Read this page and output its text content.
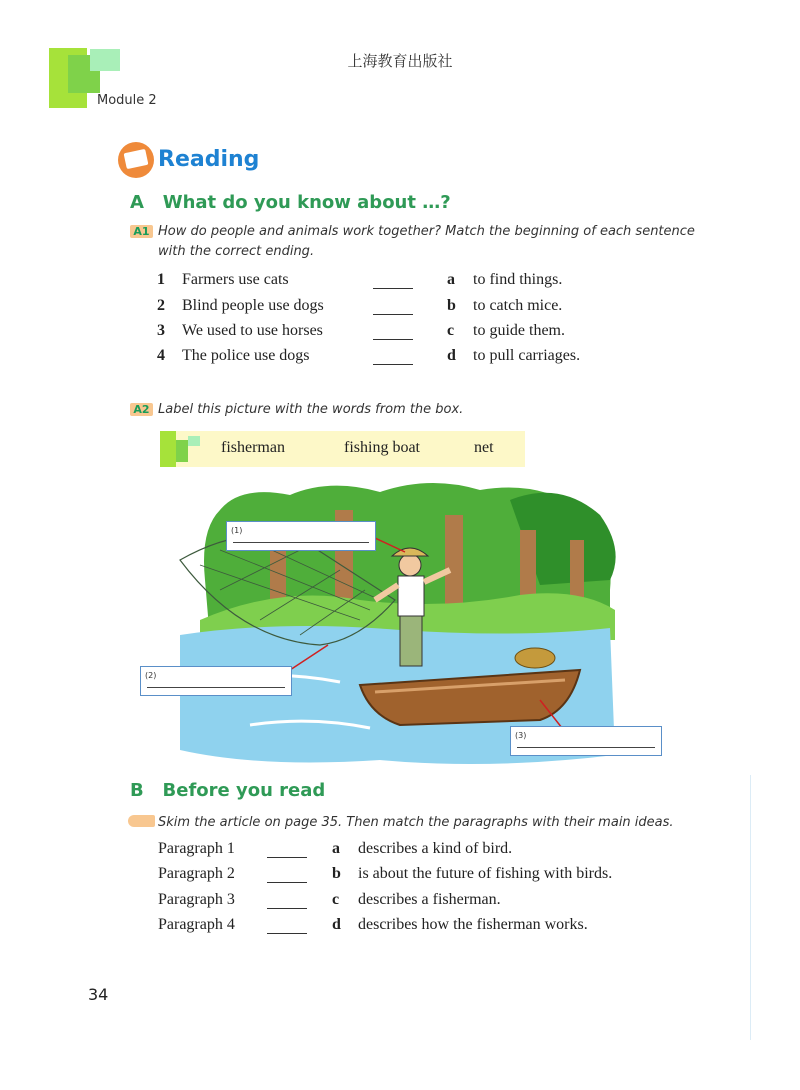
上海教育出版社
Module 2
Reading
A   What do you know about …?
A1 How do people and animals work together? Match the beginning of each sentence
with the correct ending.
1 Farmers use cats	a to find things.
2 Blind people use dogs	b to catch mice.
3 We used to use horses	c to guide them.
4 The police use dogs	d to pull carriages.
A2 Label this picture with the words from the box.
fisherman	fishing boat	net
(1)
(2)
(3)
B   Before you read
Skim the article on page 35. Then match the paragraphs with their main ideas.
Paragraph 1	a describes a kind of bird.
Paragraph 2	b is about the future of fishing with birds.
Paragraph 3	c describes a fisherman.
Paragraph 4	d describes how the fisherman works.
34
